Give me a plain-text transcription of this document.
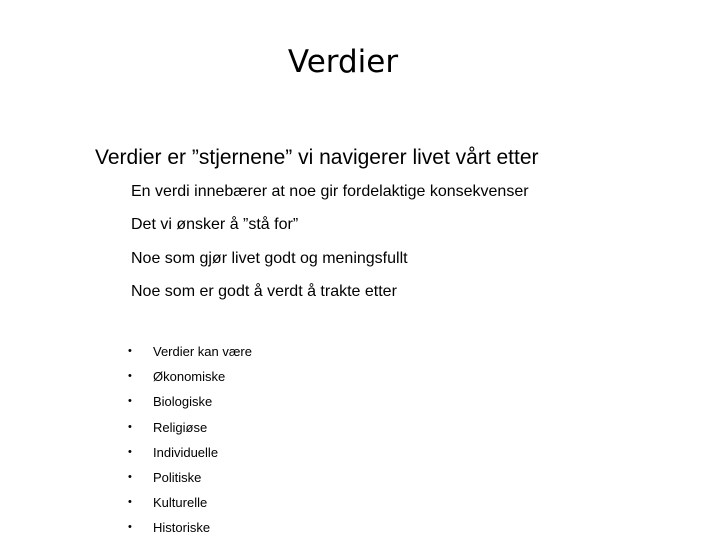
Verdier
Verdier er ”stjernene” vi navigerer livet vårt etter
En verdi innebærer at noe gir fordelaktige konsekvenser
Det vi ønsker å ”stå for”
Noe som gjør livet godt og meningsfullt
Noe som er godt å verdt å trakte etter
•	Verdier kan være
•	Økonomiske
•	Biologiske
•	Religiøse
•	Individuelle
•	Politiske
•	Kulturelle
•	Historiske
